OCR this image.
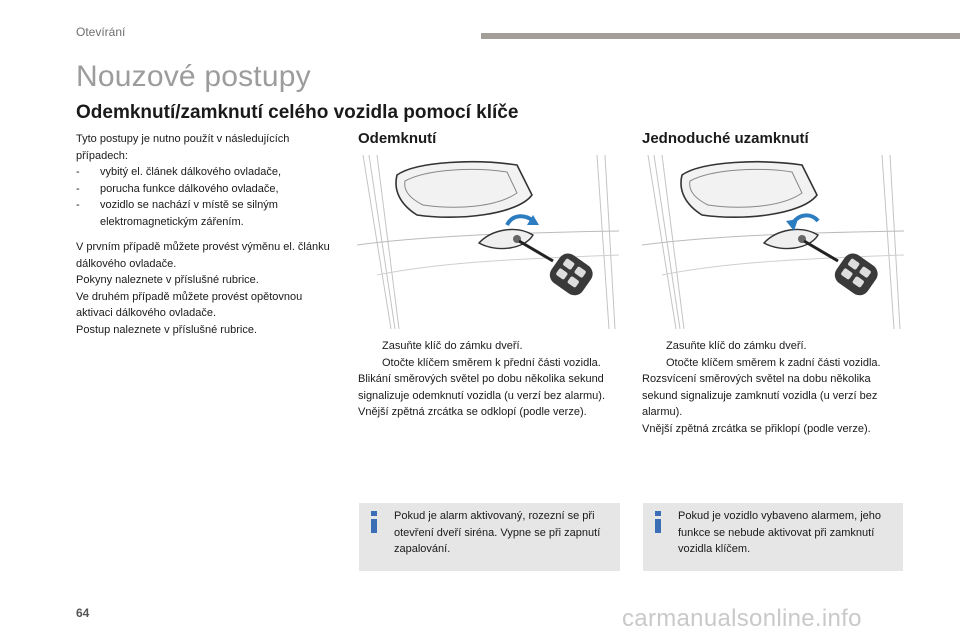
Otevírání
Nouzové postupy
Odemknutí/zamknutí celého vozidla pomocí klíče

Tyto postupy je nutno použít v následujících případech:

- vybitý el. článek dálkového ovladače,
- porucha funkce dálkového ovladače,
- vozidlo se nachází v místě se silným elektromagnetickým zářením.

V prvním případě můžete provést výměnu el. článku dálkového ovladače.

Pokyny naleznete v příslušné rubrice.

Ve druhém případě můžete provést opětovnou aktivaci dálkového ovladače.

Postup naleznete v příslušné rubrice.

Odemknutí	Jednoduché uzamknutí
Zasuňte klíč do zámku dveří.
Otočte klíčem směrem k přední části vozidla.

Blikání směrových světel po dobu několika sekund signalizuje odemknutí vozidla (u verzí bez alarmu).

Vnější zpětná zrcátka se odklopí (podle verze).

Zasuňte klíč do zámku dveří.
Otočte klíčem směrem k zadní části vozidla.

Rozsvícení směrových světel na dobu několika sekund signalizuje zamknutí vozidla (u verzí bez alarmu).

Vnější zpětná zrcátka se přiklopí (podle verze).

Pokud je alarm aktivovaný, rozezní se při otevření dveří siréna. Vypne se při zapnutí zapalování.
Pokud je vozidlo vybaveno alarmem, jeho funkce se nebude aktivovat při zamknutí vozidla klíčem.
64	carmanualsonline.info
